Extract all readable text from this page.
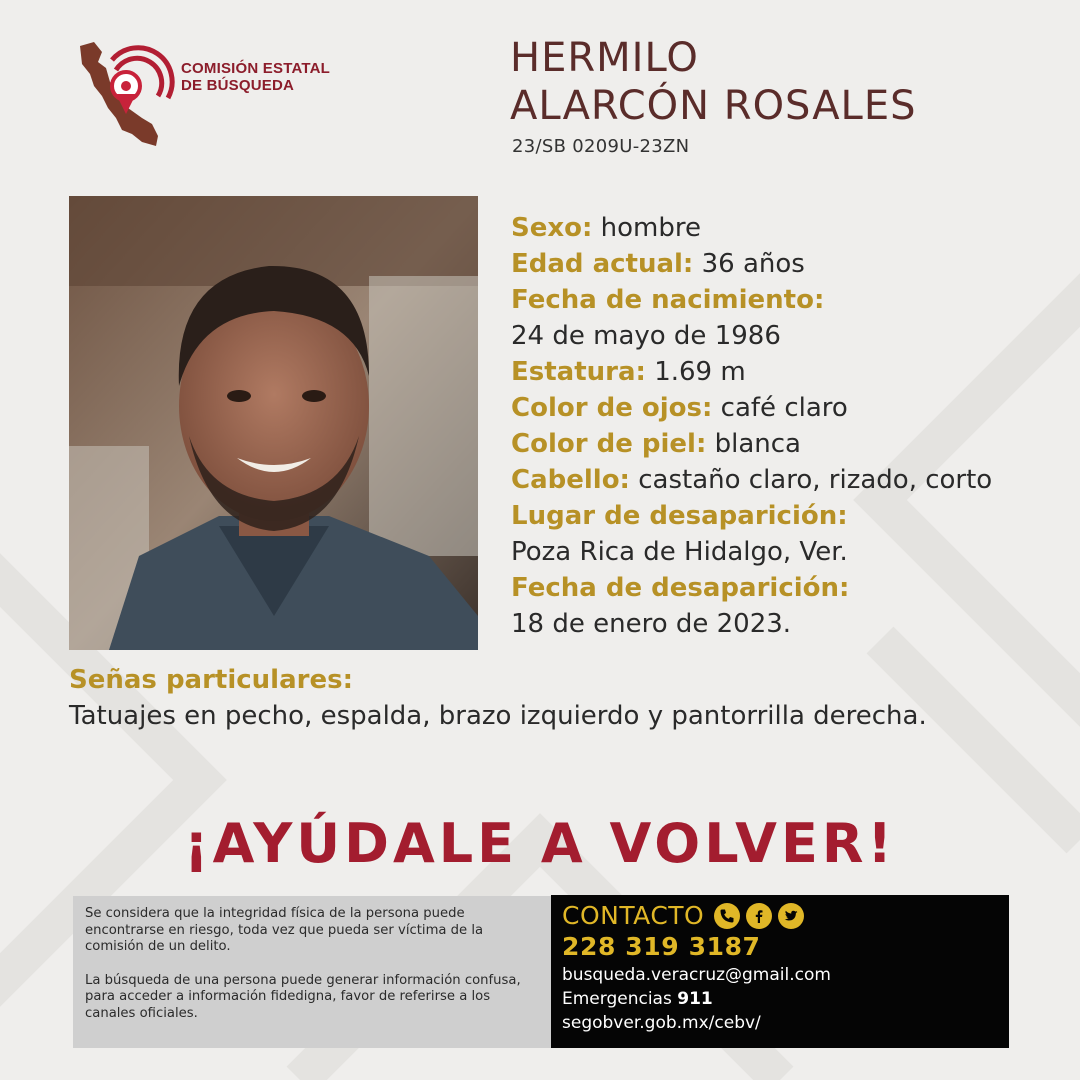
COMISIÓN ESTATAL
DE BÚSQUEDA
HERMILO
ALARCÓN ROSALES
23/SB 0209U-23ZN
Sexo: hombre
Edad actual: 36 años
Fecha de nacimiento:
24 de mayo de 1986
Estatura: 1.69 m
Color de ojos: café claro
Color de piel: blanca
Cabello: castaño claro, rizado, corto
Lugar de desaparición:
Poza Rica de Hidalgo, Ver.
Fecha de desaparición:
18 de enero de 2023.
Señas particulares:
Tatuajes en pecho, espalda, brazo izquierdo y pantorrilla derecha.
¡AYÚDALE A VOLVER!

Se considera que la integridad física de la persona puede encontrarse en riesgo, toda vez que pueda ser víctima de la comisión de un delito.

La búsqueda de una persona puede generar información confusa, para acceder a información fidedigna, favor de referirse a los canales oficiales.

CONTACTO
228 319 3187
busqueda.veracruz@gmail.com
Emergencias 911
segobver.gob.mx/cebv/
